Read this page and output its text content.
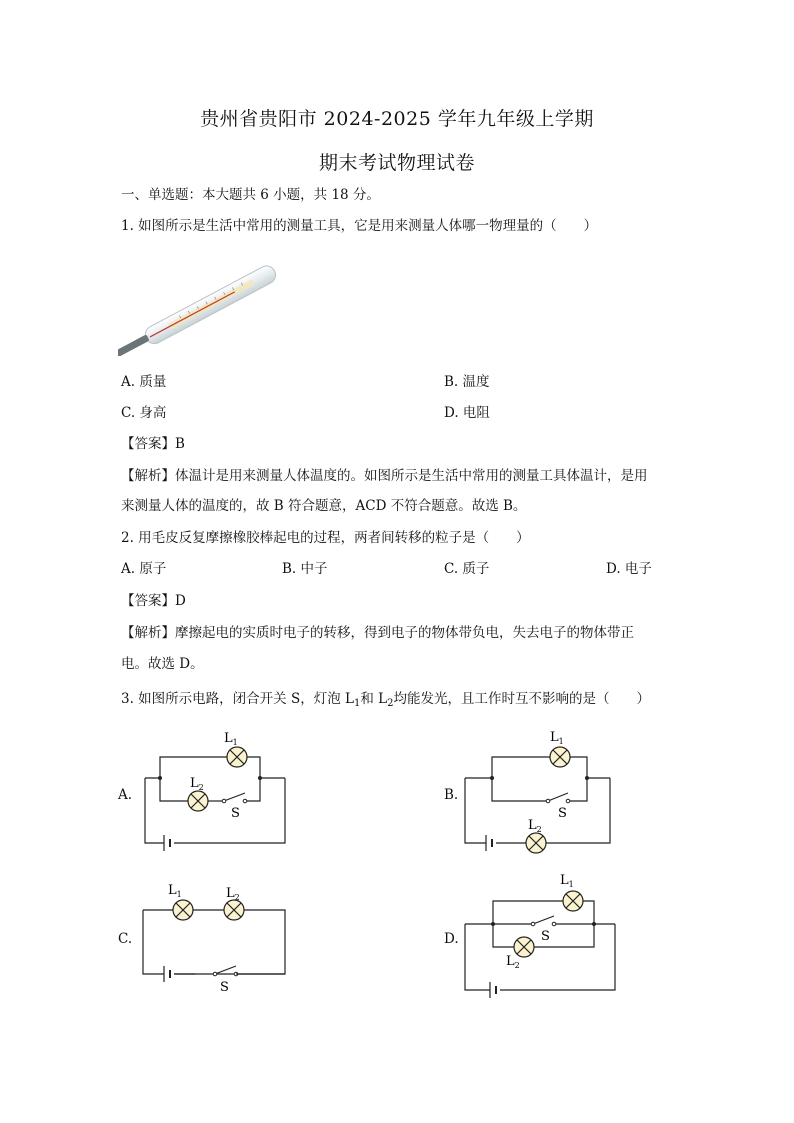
贵州省贵阳市 2024-2025 学年九年级上学期
期末考试物理试卷
一、单选题：本大题共 6 小题，共 18 分。
1. 如图所示是生活中常用的测量工具，它是用来测量人体哪一物理量的（　　）
A. 质量	B. 温度
C. 身高	D. 电阻
【答案】B
【解析】体温计是用来测量人体温度的。如图所示是生活中常用的测量工具体温计，是用
来测量人体的温度的，故 B 符合题意，ACD 不符合题意。故选 B。
2. 用毛皮反复摩擦橡胶棒起电的过程，两者间转移的粒子是（　　）
A. 原子	B. 中子	C. 质子	D. 电子
【答案】D
【解析】摩擦起电的实质时电子的转移，得到电子的物体带负电，失去电子的物体带正
电。故选 D。
3. 如图所示电路，闭合开关 S，灯泡 $L_1$和 $L_2$均能发光，且工作时互不影响的是（　　）
A.	B.
C.	D.
$L_1$
$L_2$
S
$L_1$
$L_2$
S
$L_1$	$L_2$
S
$L_1$
$L_2$
S
